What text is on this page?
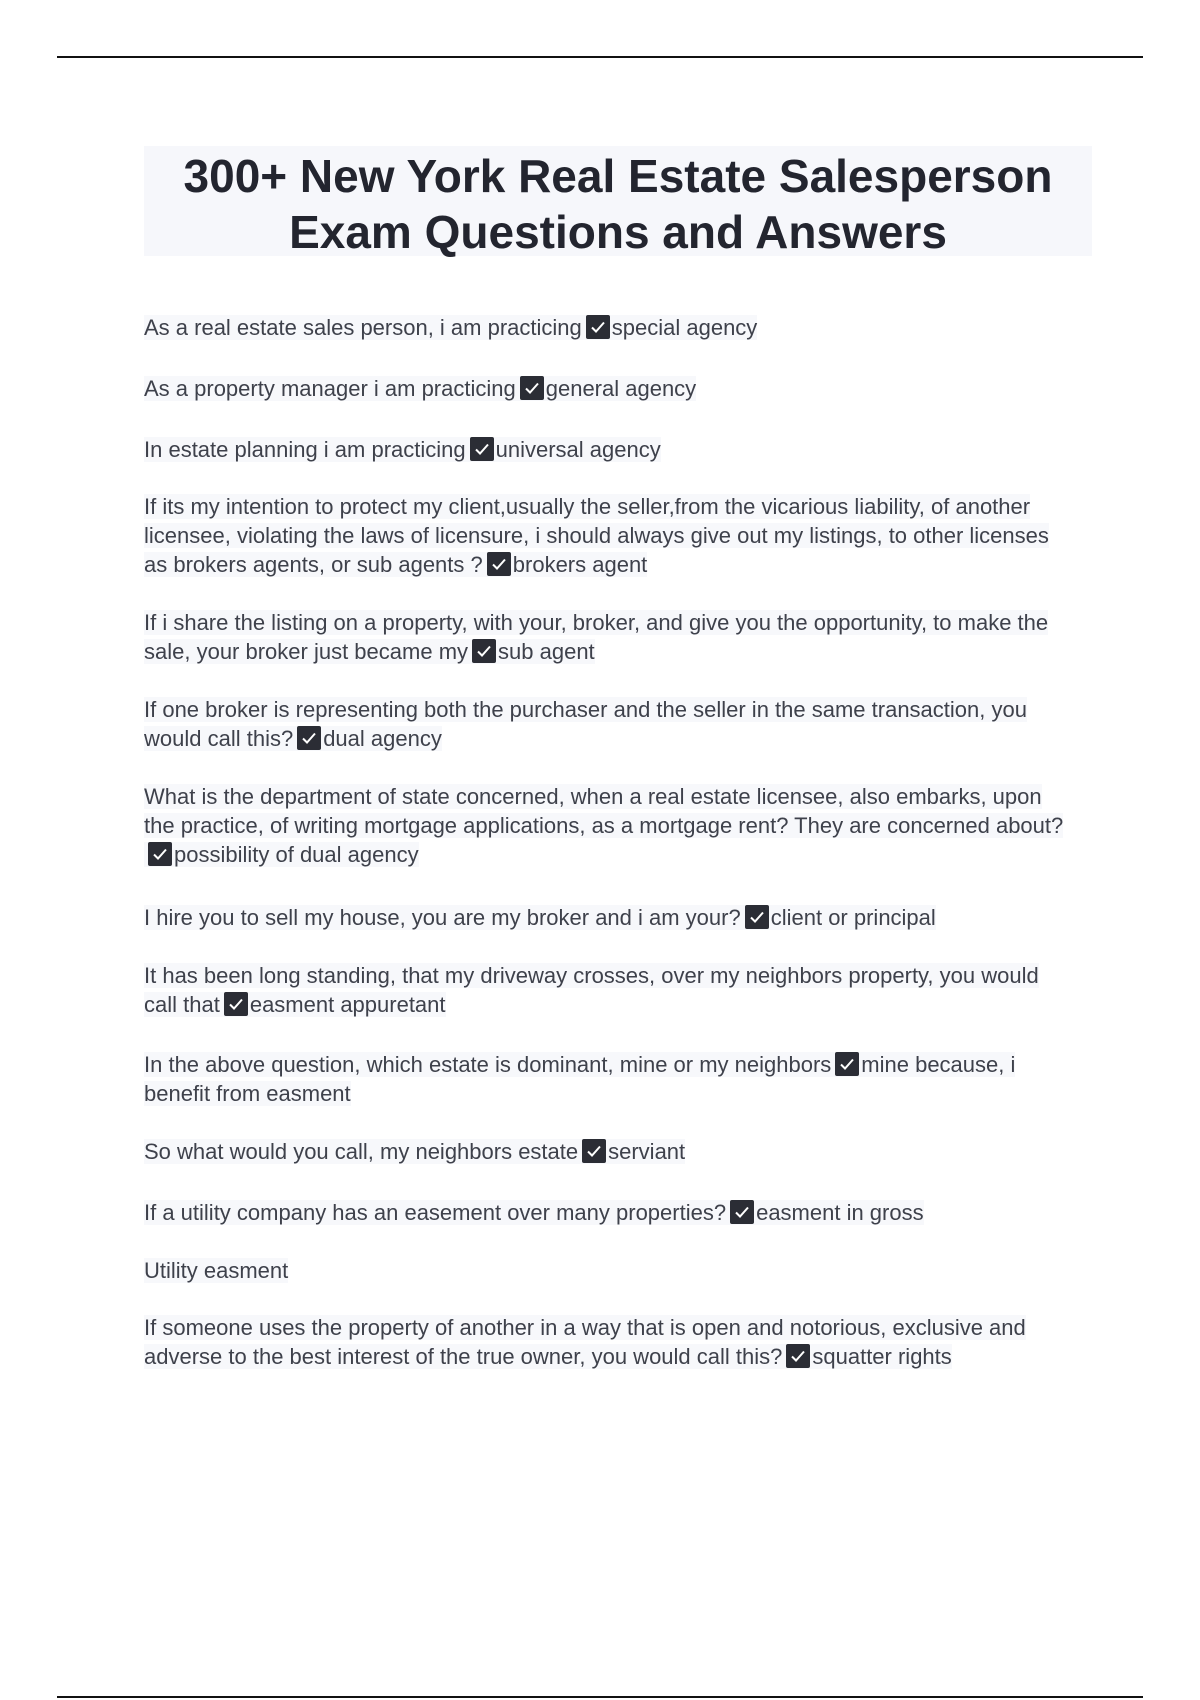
300+ New York Real Estate Salesperson
Exam Questions and Answers
As a real estate sales person, i am practicing special agency
As a property manager i am practicing general agency
In estate planning i am practicing universal agency
If its my intention to protect my client,usually the seller,from the vicarious liability, of another licensee, violating the laws of licensure, i should always give out my listings, to other licenses as brokers agents, or sub agents ? brokers agent
If i share the listing on a property, with your, broker, and give you the opportunity, to make the sale, your broker just became my sub agent
If one broker is representing both the purchaser and the seller in the same transaction, you would call this? dual agency
What is the department of state concerned, when a real estate licensee, also embarks, upon the practice, of writing mortgage applications, as a mortgage rent? They are concerned about?
possibility of dual agency
I hire you to sell my house, you are my broker and i am your? client or principal
It has been long standing, that my driveway crosses, over my neighbors property, you would call that easment appuretant
In the above question, which estate is dominant, mine or my neighbors mine because, i benefit from easment
So what would you call, my neighbors estate serviant
If a utility company has an easement over many properties? easment in gross
Utility easment
If someone uses the property of another in a way that is open and notorious, exclusive and adverse to the best interest of the true owner, you would call this? squatter rights
